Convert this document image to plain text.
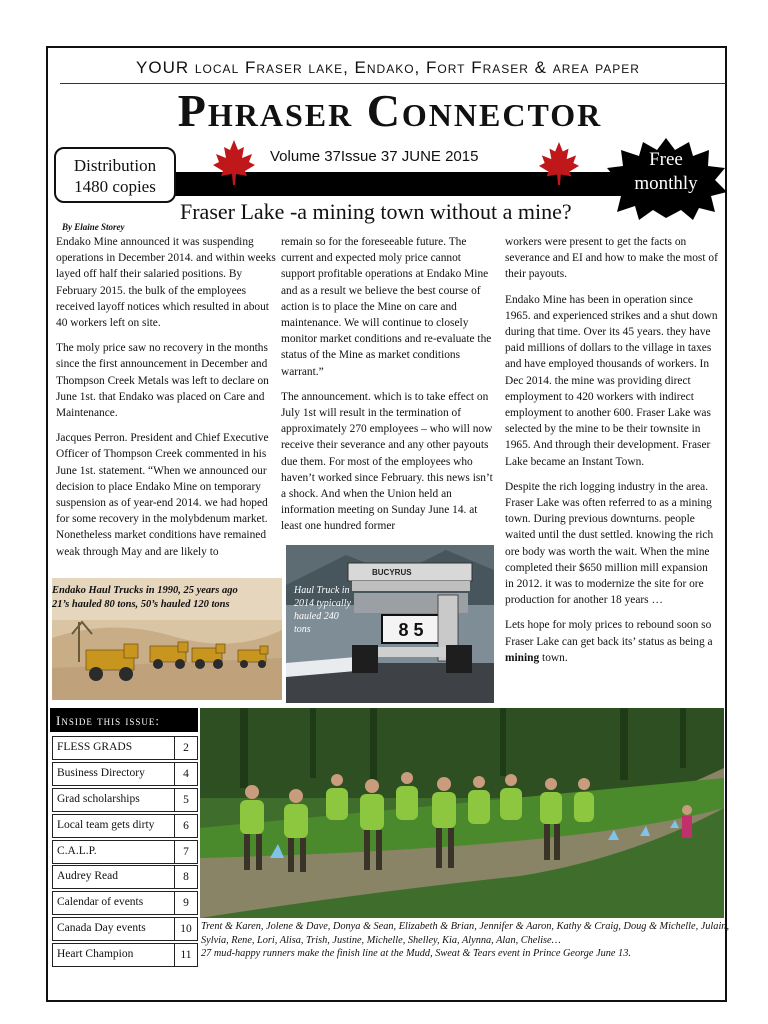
YOUR local Fraser lake, Endako, Fort Fraser & area paper
Phraser Connector
Volume 37Issue 37 JUNE 2015
Distribution
1480 copies
Free
monthly
Fraser Lake -a mining town without a mine?
By Elaine Storey

Endako Mine announced it was suspending operations in December 2014. and within weeks layed off half their salaried positions. By February 2015. the bulk of the employees received layoff notices which resulted in about 40 workers left on site.

The moly price saw no recovery in the months since the first announcement in December and Thompson Creek Metals was left to declare on June 1st. that Endako was placed on Care and Maintenance.

Jacques Perron. President and Chief Executive Officer of Thompson Creek commented in his June 1st. statement. “When we announced our decision to place Endako Mine on temporary suspension as of year-end 2014. we had hoped for some recovery in the molybdenum market. Nonetheless market conditions have remained weak through May and are likely to

remain so for the foreseeable future. The current and expected moly price cannot support profitable operations at Endako Mine and as a result we believe the best course of action is to place the Mine on care and maintenance. We will continue to closely monitor market conditions and re-evaluate the status of the Mine as market conditions warrant.”

The announcement. which is to take effect on July 1st will result in the termination of approximately 270 employees – who will now receive their severance and any other payouts due them. For most of the employees who haven’t worked since February. this news isn’t a shock. And when the Union held an information meeting on Sunday June 14. at least one hundred former

workers were present to get the facts on severance and EI and how to make the most of their payouts.

Endako Mine has been in operation since 1965. and experienced strikes and a shut down during that time. Over its 45 years. they have paid millions of dollars to the village in taxes and have employed thousands of workers. In Dec 2014. the mine was providing direct employment to 420 workers with indirect employment to another 600. Fraser Lake was selected by the mine to be their townsite in 1965. And through their development. Fraser Lake became an Instant Town.

Despite the rich logging industry in the area. Fraser Lake was often referred to as a mining town. During previous downturns. people waited until the dust settled. knowing the rich ore body was worth the wait. When the mine completed their $650 million mill expansion in 2012. it was to modernize the site for ore production for another 18 years …

Lets hope for moly prices to rebound soon so Fraser Lake can get back its’ status as being a mining town.

Endako Haul Trucks in 1990, 25 years ago
21’s hauled 80 tons, 50’s hauled 120 tons
8 5
BUCYRUS
Haul Truck in 2014 typically hauled 240 tons
Inside this issue:
FLESS GRADS	2
Business Directory	4
Grad scholarships	5
Local team gets dirty	6
C.A.L.P.	7
Audrey Read	8
Calendar of events	9
Canada Day events	10
Heart Champion	11
Trent & Karen, Jolene & Dave, Donya & Sean, Elizabeth & Brian, Jennifer & Aaron, Kathy & Craig, Doug & Michelle, Julain, Sylvia, Rene, Lori, Alisa, Trish, Justine, Michelle, Shelley, Kia, Alynna, Alan, Chelise…
27 mud-happy runners make the finish line at the Mudd, Sweat & Tears event in Prince George June 13.
